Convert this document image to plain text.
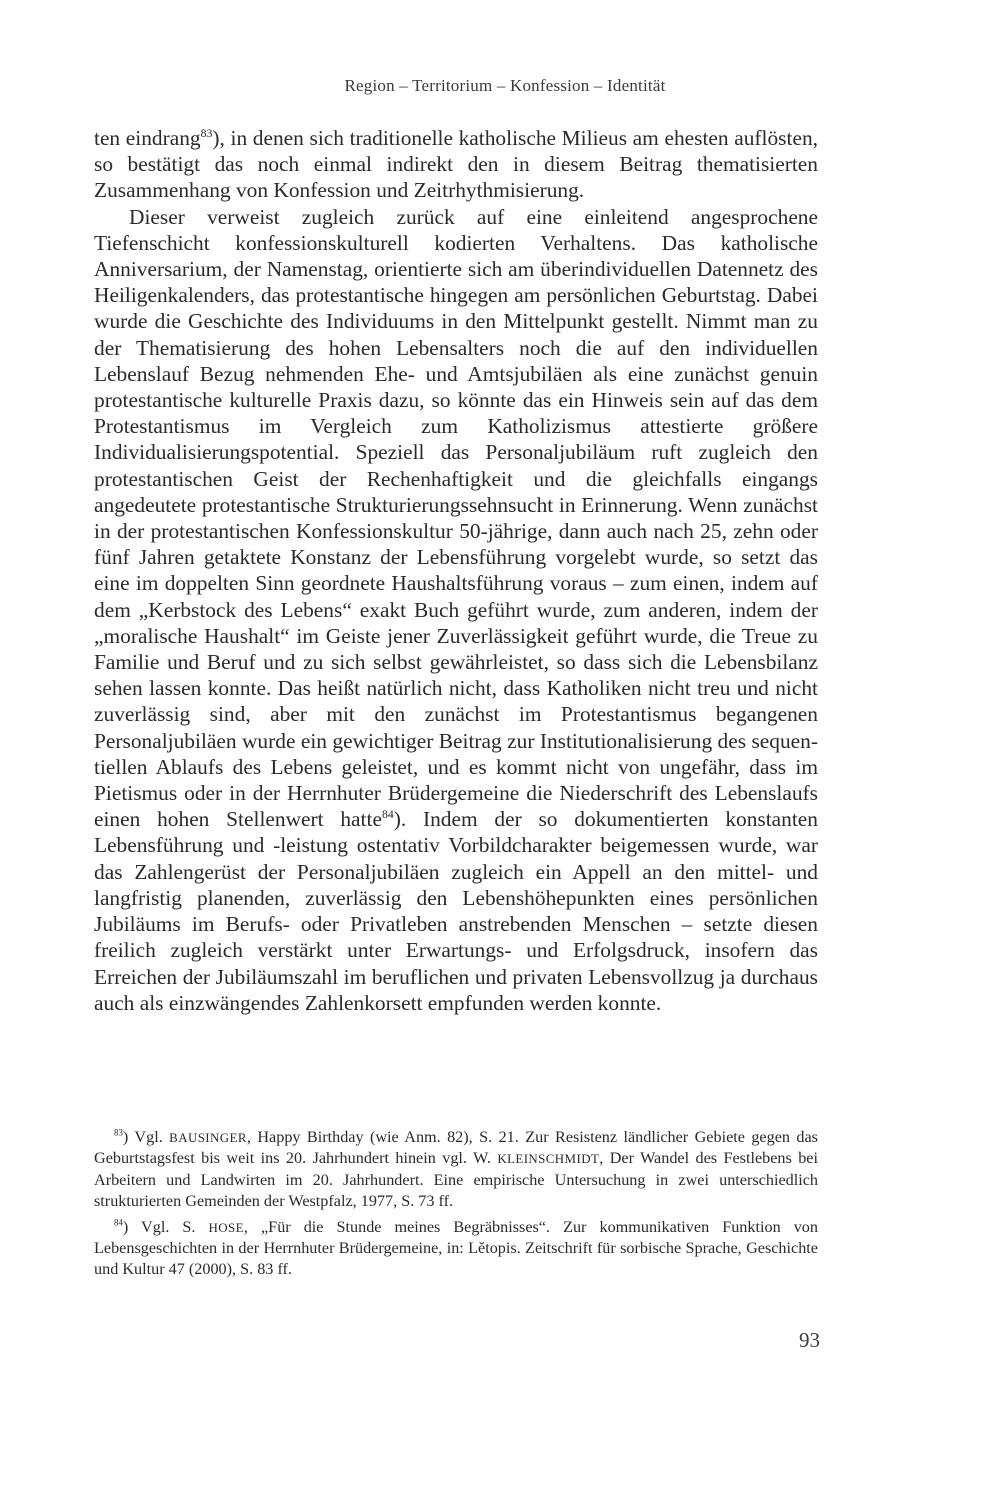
Region – Territorium – Konfession – Identität

ten eindrang$^{83}$), in denen sich traditionelle katholische Milieus am ehesten auflösten, so bestätigt das noch einmal indirekt den in diesem Beitrag thematisierten Zusammenhang von Konfession und Zeitrhythmisierung.

Dieser verweist zugleich zurück auf eine einleitend angesprochene Tiefenschicht konfessionskulturell kodierten Verhaltens. Das katholische Anniversarium, der Namenstag, orientierte sich am überindividuellen Datennetz des Heiligenkalenders, das protestantische hingegen am persönlichen Geburtstag. Dabei wurde die Geschichte des Individuums in den Mittelpunkt gestellt. Nimmt man zu der Thematisierung des hohen Lebensalters noch die auf den individuellen Lebenslauf Bezug nehmenden Ehe- und Amtsjubiläen als eine zunächst genuin protestantische kulturelle Praxis dazu, so könnte das ein Hinweis sein auf das dem Protestantismus im Vergleich zum Katholizismus attestierte größere Individualisierungspotential. Speziell das Personaljubiläum ruft zugleich den protestantischen Geist der Rechenhaftigkeit und die gleichfalls eingangs angedeutete protestantische Strukturierungssehnsucht in Erinnerung. Wenn zunächst in der protestantischen Konfessionskultur 50-jährige, dann auch nach 25, zehn oder fünf Jahren getaktete Konstanz der Lebensführung vorgelebt wurde, so setzt das eine im doppelten Sinn geordnete Haushaltsführung voraus – zum einen, indem auf dem „Kerbstock des Lebens“ exakt Buch geführt wurde, zum anderen, indem der „moralische Haushalt“ im Geiste jener Zuverlässigkeit geführt wurde, die Treue zu Familie und Beruf und zu sich selbst gewährleistet, so dass sich die Lebensbilanz sehen lassen konnte. Das heißt natürlich nicht, dass Katholiken nicht treu und nicht zuverlässig sind, aber mit den zunächst im Protestantismus begangenen Personaljubiläen wurde ein gewichtiger Beitrag zur Institutionalisierung des sequentiellen Ablaufs des Lebens geleistet, und es kommt nicht von ungefähr, dass im Pietismus oder in der Herrnhuter Brüdergemeine die Niederschrift des Lebenslaufs einen hohen Stellenwert hatte$^{84}$). Indem der so dokumentierten konstanten Lebensführung und -leistung ostentativ Vorbildcharakter beigemessen wurde, war das Zahlengerüst der Personaljubiläen zugleich ein Appell an den mittel- und langfristig planenden, zuverlässig den Lebenshöhepunkten eines persönlichen Jubiläums im Berufs- oder Privatleben anstrebenden Menschen – setzte diesen freilich zugleich verstärkt unter Erwartungs- und Erfolgsdruck, insofern das Erreichen der Jubiläumszahl im beruflichen und privaten Lebensvollzug ja durchaus auch als einzwängendes Zahlenkorsett empfunden werden konnte.

$^{83}$) Vgl. BAUSINGER, Happy Birthday (wie Anm. 82), S. 21. Zur Resistenz ländlicher Gebiete gegen das Geburtstagsfest bis weit ins 20. Jahrhundert hinein vgl. W. KLEINSCHMIDT, Der Wandel des Festlebens bei Arbeitern und Landwirten im 20. Jahrhundert. Eine empirische Untersuchung in zwei unterschiedlich strukturierten Gemeinden der Westpfalz, 1977, S. 73 ff.

$^{84}$) Vgl. S. HOSE, „Für die Stunde meines Begräbnisses“. Zur kommunikativen Funktion von Lebensgeschichten in der Herrnhuter Brüdergemeine, in: Lětopis. Zeitschrift für sorbische Sprache, Geschichte und Kultur 47 (2000), S. 83 ff.

93
